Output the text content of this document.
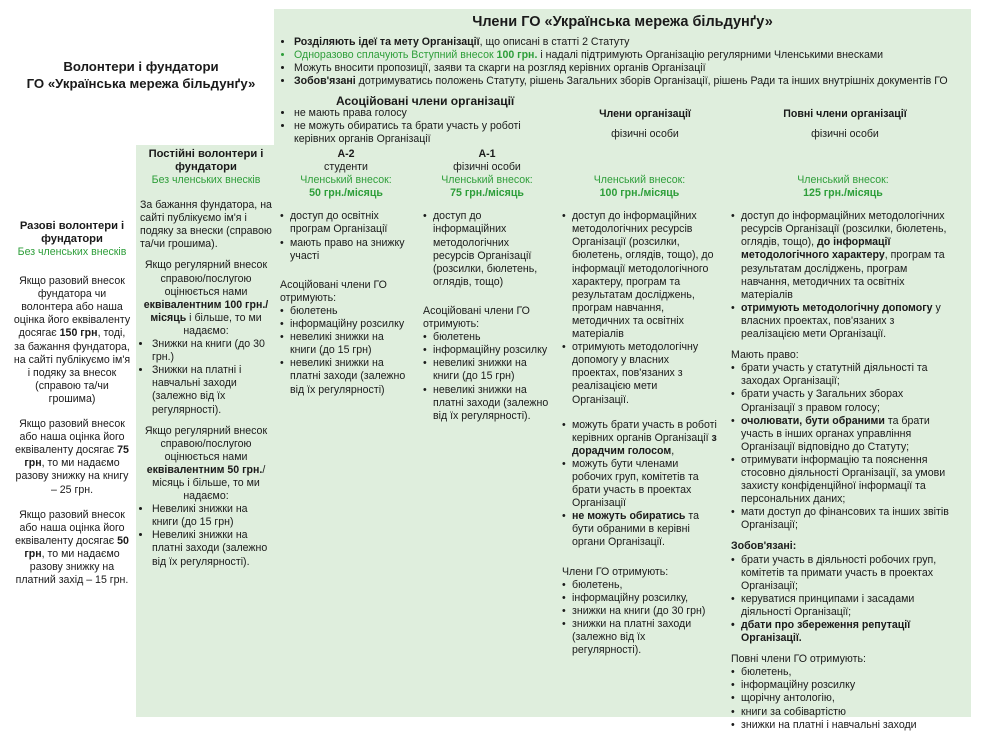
Члени ГО «Українська мережа більдунґу»
• Розділяють ідеї та мету Організації, що описані в статті 2 Статуту
• Одноразово сплачують Вступний внесок 100 грн. і надалі підтримують Організацію регулярними Членськими внесками
• Можуть вносити пропозиції, заяви та скарги на розгляд керівних органів Організації
• Зобов'язані дотримуватись положень Статуту, рішень Загальних зборів Організації, рішень Ради та інших внутрішніх документів ГО
Волонтери і фундатори
ГО «Українська мережа більдунґу»
Асоційовані члени організації
• не мають права голосу
• не можуть обиратись та брати участь у роботі керівних органів Організації
Члени організації
фізичні особи
Повні члени організації
фізичні особи
Постійні волонтери і фундатори
Без членських внесків
За бажання фундатора, на сайті публікуємо ім'я і подяку за внески (справою та/чи грошима).
Якщо регулярний внесок справою/послугою оцінюється нами еквівалентним 100 грн./місяць і більше, то ми надаємо:
• Знижки на книги (до 30 грн.)
• Знижки на платні і навчальні заходи (залежно від їх регулярності).
Якщо регулярний внесок справою/послугою оцінюється нами еквівалентним 50 грн./місяць і більше, то ми надаємо:
• Невеликі знижки на книги (до 15 грн)
• Невеликі знижки на платні заходи (залежно від їх регулярності).
Разові волонтери і фундатори
Без членських внесків
Якщо разовий внесок фундатора чи волонтера або наша оцінка його еквіваленту досягає 150 грн, тоді, за бажання фундатора, на сайті публікуємо ім'я і подяку за внесок (справою та/чи грошима)
Якщо разовий внесок або наша оцінка його еквіваленту досягає 75 грн, то ми надаємо разову знижку на книгу – 25 грн.
Якщо разовий внесок або наша оцінка його еквіваленту досягає 50 грн, то ми надаємо разову знижку на платний захід – 15 грн.
А-2
студенти
Членський внесок:
50 грн./місяць
• доступ до освітніх програм Організації
• мають право на знижку участі
Асоційовані члени ГО отримують:
• бюлетень
• інформаційну розсилку
• невеликі знижки на книги (до 15 грн)
• невеликі знижки на платні заходи (залежно від їх регулярності)
А-1
фізичні особи
Членський внесок:
75 грн./місяць
• доступ до інформаційних методологічних ресурсів Організації (розсилки, бюлетень, оглядів, тощо)
Асоційовані члени ГО отримують:
• бюлетень
• інформаційну розсилку
• невеликі знижки на книги (до 15 грн)
• невеликі знижки на платні заходи (залежно від їх регулярності).
Членський внесок:
100 грн./місяць
• доступ до інформаційних методологічних ресурсів Організації (розсилки, бюлетень, оглядів, тощо), до інформації методологічного характеру, програм та результатам досліджень, програм навчання, методичних та освітніх матеріалів
• отримують методологічну допомогу у власних проектах, пов'язаних з реалізацією мети Організації.
• можуть брати участь в роботі керівних органів Організації з дорадчим голосом,
• можуть бути членами робочих груп, комітетів та брати участь в проектах Організації
• не можуть обиратись та бути обраними в керівні органи Організації.
Члени ГО отримують:
• бюлетень,
• інформаційну розсилку,
• знижки на книги (до 30 грн)
• знижки на платні заходи (залежно від їх регулярності).
Членський внесок:
125 грн./місяць
• доступ до інформаційних методологічних ресурсів Організації (розсилки, бюлетень, оглядів, тощо), до інформації методологічного характеру, програм та результатам досліджень, програм навчання, методичних та освітніх матеріалів
• отримують методологічну допомогу у власних проектах, пов'язаних з реалізацією мети Організації.
Мають право:
• брати участь у статутній діяльності та заходах Організації;
• брати участь у Загальних зборах Організації з правом голосу;
• очолювати, бути обраними та брати участь в інших органах управління Організації відповідно до Статуту;
• отримувати інформацію та пояснення стосовно діяльності Організації, за умови захисту конфіденційної інформації та персональних даних;
• мати доступ до фінансових та інших звітів Організації;
Зобов'язані:
• брати участь в діяльності робочих груп, комітетів та примати участь в проектах Організації;
• керуватися принципами і засадами діяльності Організації;
• дбати про збереження репутації Організації.
Повні члени ГО отримують:
• бюлетень,
• інформаційну розсилку
• щорічну антологію,
• книги за собівартістю
• знижки на платні і навчальні заходи
